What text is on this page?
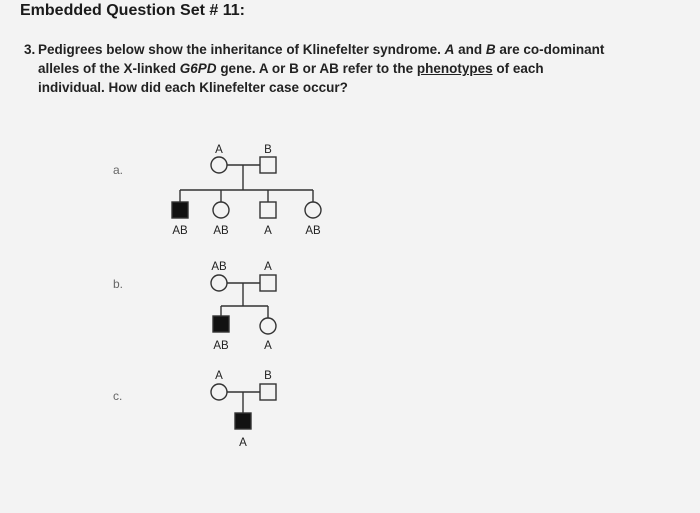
Embedded Question Set # 11:
3. Pedigrees below show the inheritance of Klinefelter syndrome. A and B are co-dominant
alleles of the X-linked G6PD gene. A or B or AB refer to the phenotypes of each
individual. How did each Klinefelter case occur?
a.
b.
c.
A	B
AB AB	A	AB
AB	A
AB	A
A	B
A
